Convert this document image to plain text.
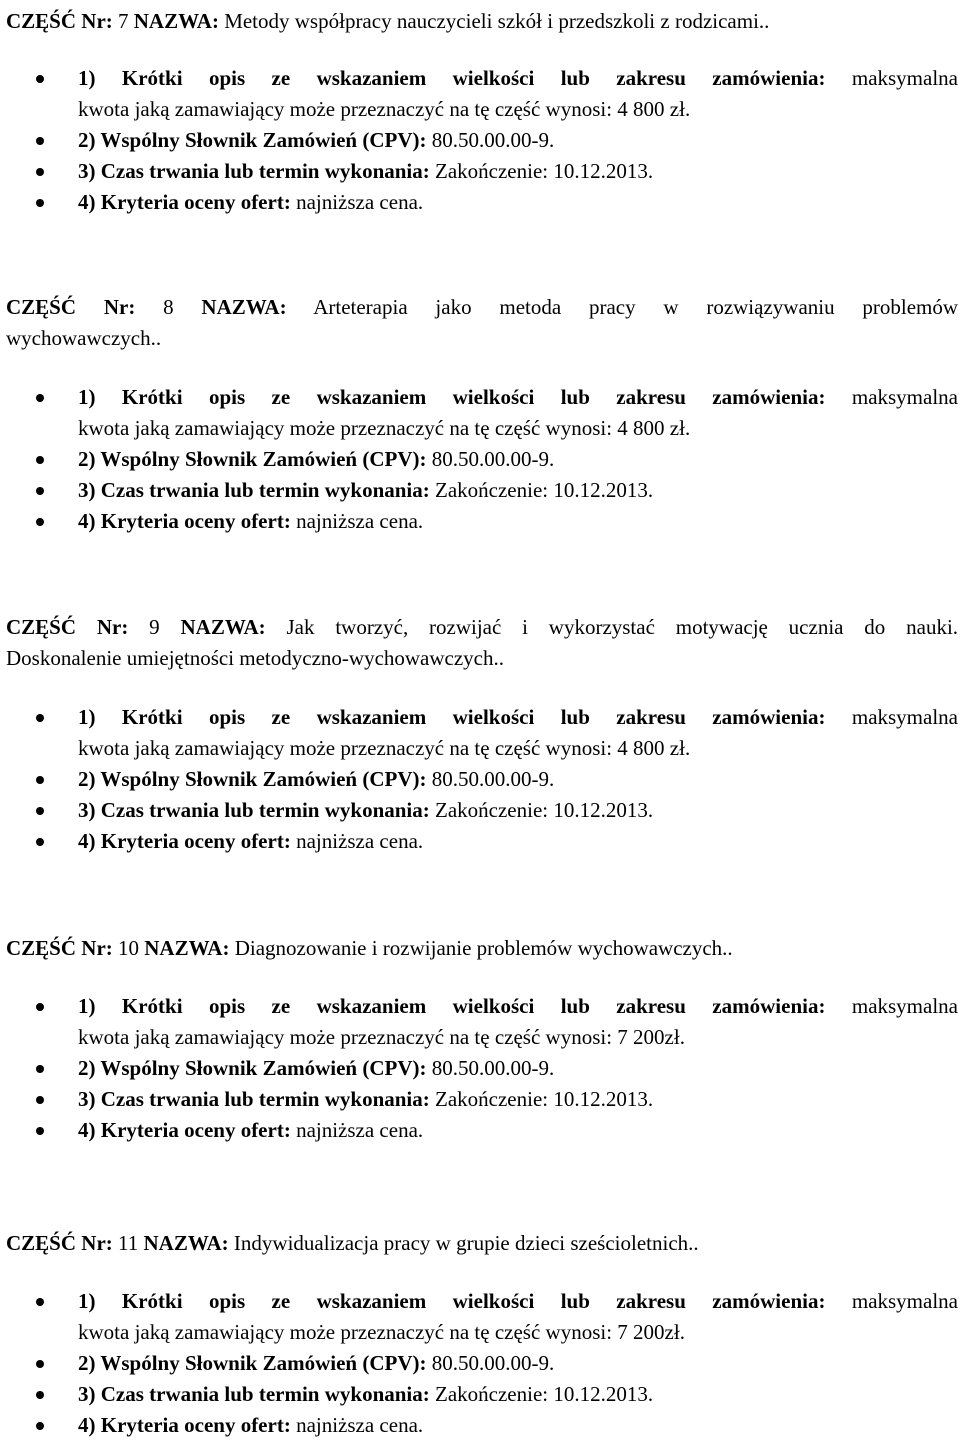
CZĘŚĆ Nr: 7 NAZWA: Metody współpracy nauczycieli szkół i przedszkoli z rodzicami..
1) Krótki opis ze wskazaniem wielkości lub zakresu zamówienia: maksymalna
kwota jaką zamawiający może przeznaczyć na tę część wynosi: 4 800 zł.
2) Wspólny Słownik Zamówień (CPV): 80.50.00.00-9.
3) Czas trwania lub termin wykonania: Zakończenie: 10.12.2013.
4) Kryteria oceny ofert: najniższa cena.
CZĘŚĆ Nr: 8 NAZWA: Arteterapia jako metoda pracy w rozwiązywaniu problemów
wychowawczych..
1) Krótki opis ze wskazaniem wielkości lub zakresu zamówienia: maksymalna
kwota jaką zamawiający może przeznaczyć na tę część wynosi: 4 800 zł.
2) Wspólny Słownik Zamówień (CPV): 80.50.00.00-9.
3) Czas trwania lub termin wykonania: Zakończenie: 10.12.2013.
4) Kryteria oceny ofert: najniższa cena.
CZĘŚĆ Nr: 9 NAZWA: Jak tworzyć, rozwijać i wykorzystać motywację ucznia do nauki.
Doskonalenie umiejętności metodyczno-wychowawczych..
1) Krótki opis ze wskazaniem wielkości lub zakresu zamówienia: maksymalna
kwota jaką zamawiający może przeznaczyć na tę część wynosi: 4 800 zł.
2) Wspólny Słownik Zamówień (CPV): 80.50.00.00-9.
3) Czas trwania lub termin wykonania: Zakończenie: 10.12.2013.
4) Kryteria oceny ofert: najniższa cena.
CZĘŚĆ Nr: 10 NAZWA: Diagnozowanie i rozwijanie problemów wychowawczych..
1) Krótki opis ze wskazaniem wielkości lub zakresu zamówienia: maksymalna
kwota jaką zamawiający może przeznaczyć na tę część wynosi: 7 200zł.
2) Wspólny Słownik Zamówień (CPV): 80.50.00.00-9.
3) Czas trwania lub termin wykonania: Zakończenie: 10.12.2013.
4) Kryteria oceny ofert: najniższa cena.
CZĘŚĆ Nr: 11 NAZWA: Indywidualizacja pracy w grupie dzieci sześcioletnich..
1) Krótki opis ze wskazaniem wielkości lub zakresu zamówienia: maksymalna
kwota jaką zamawiający może przeznaczyć na tę część wynosi: 7 200zł.
2) Wspólny Słownik Zamówień (CPV): 80.50.00.00-9.
3) Czas trwania lub termin wykonania: Zakończenie: 10.12.2013.
4) Kryteria oceny ofert: najniższa cena.
